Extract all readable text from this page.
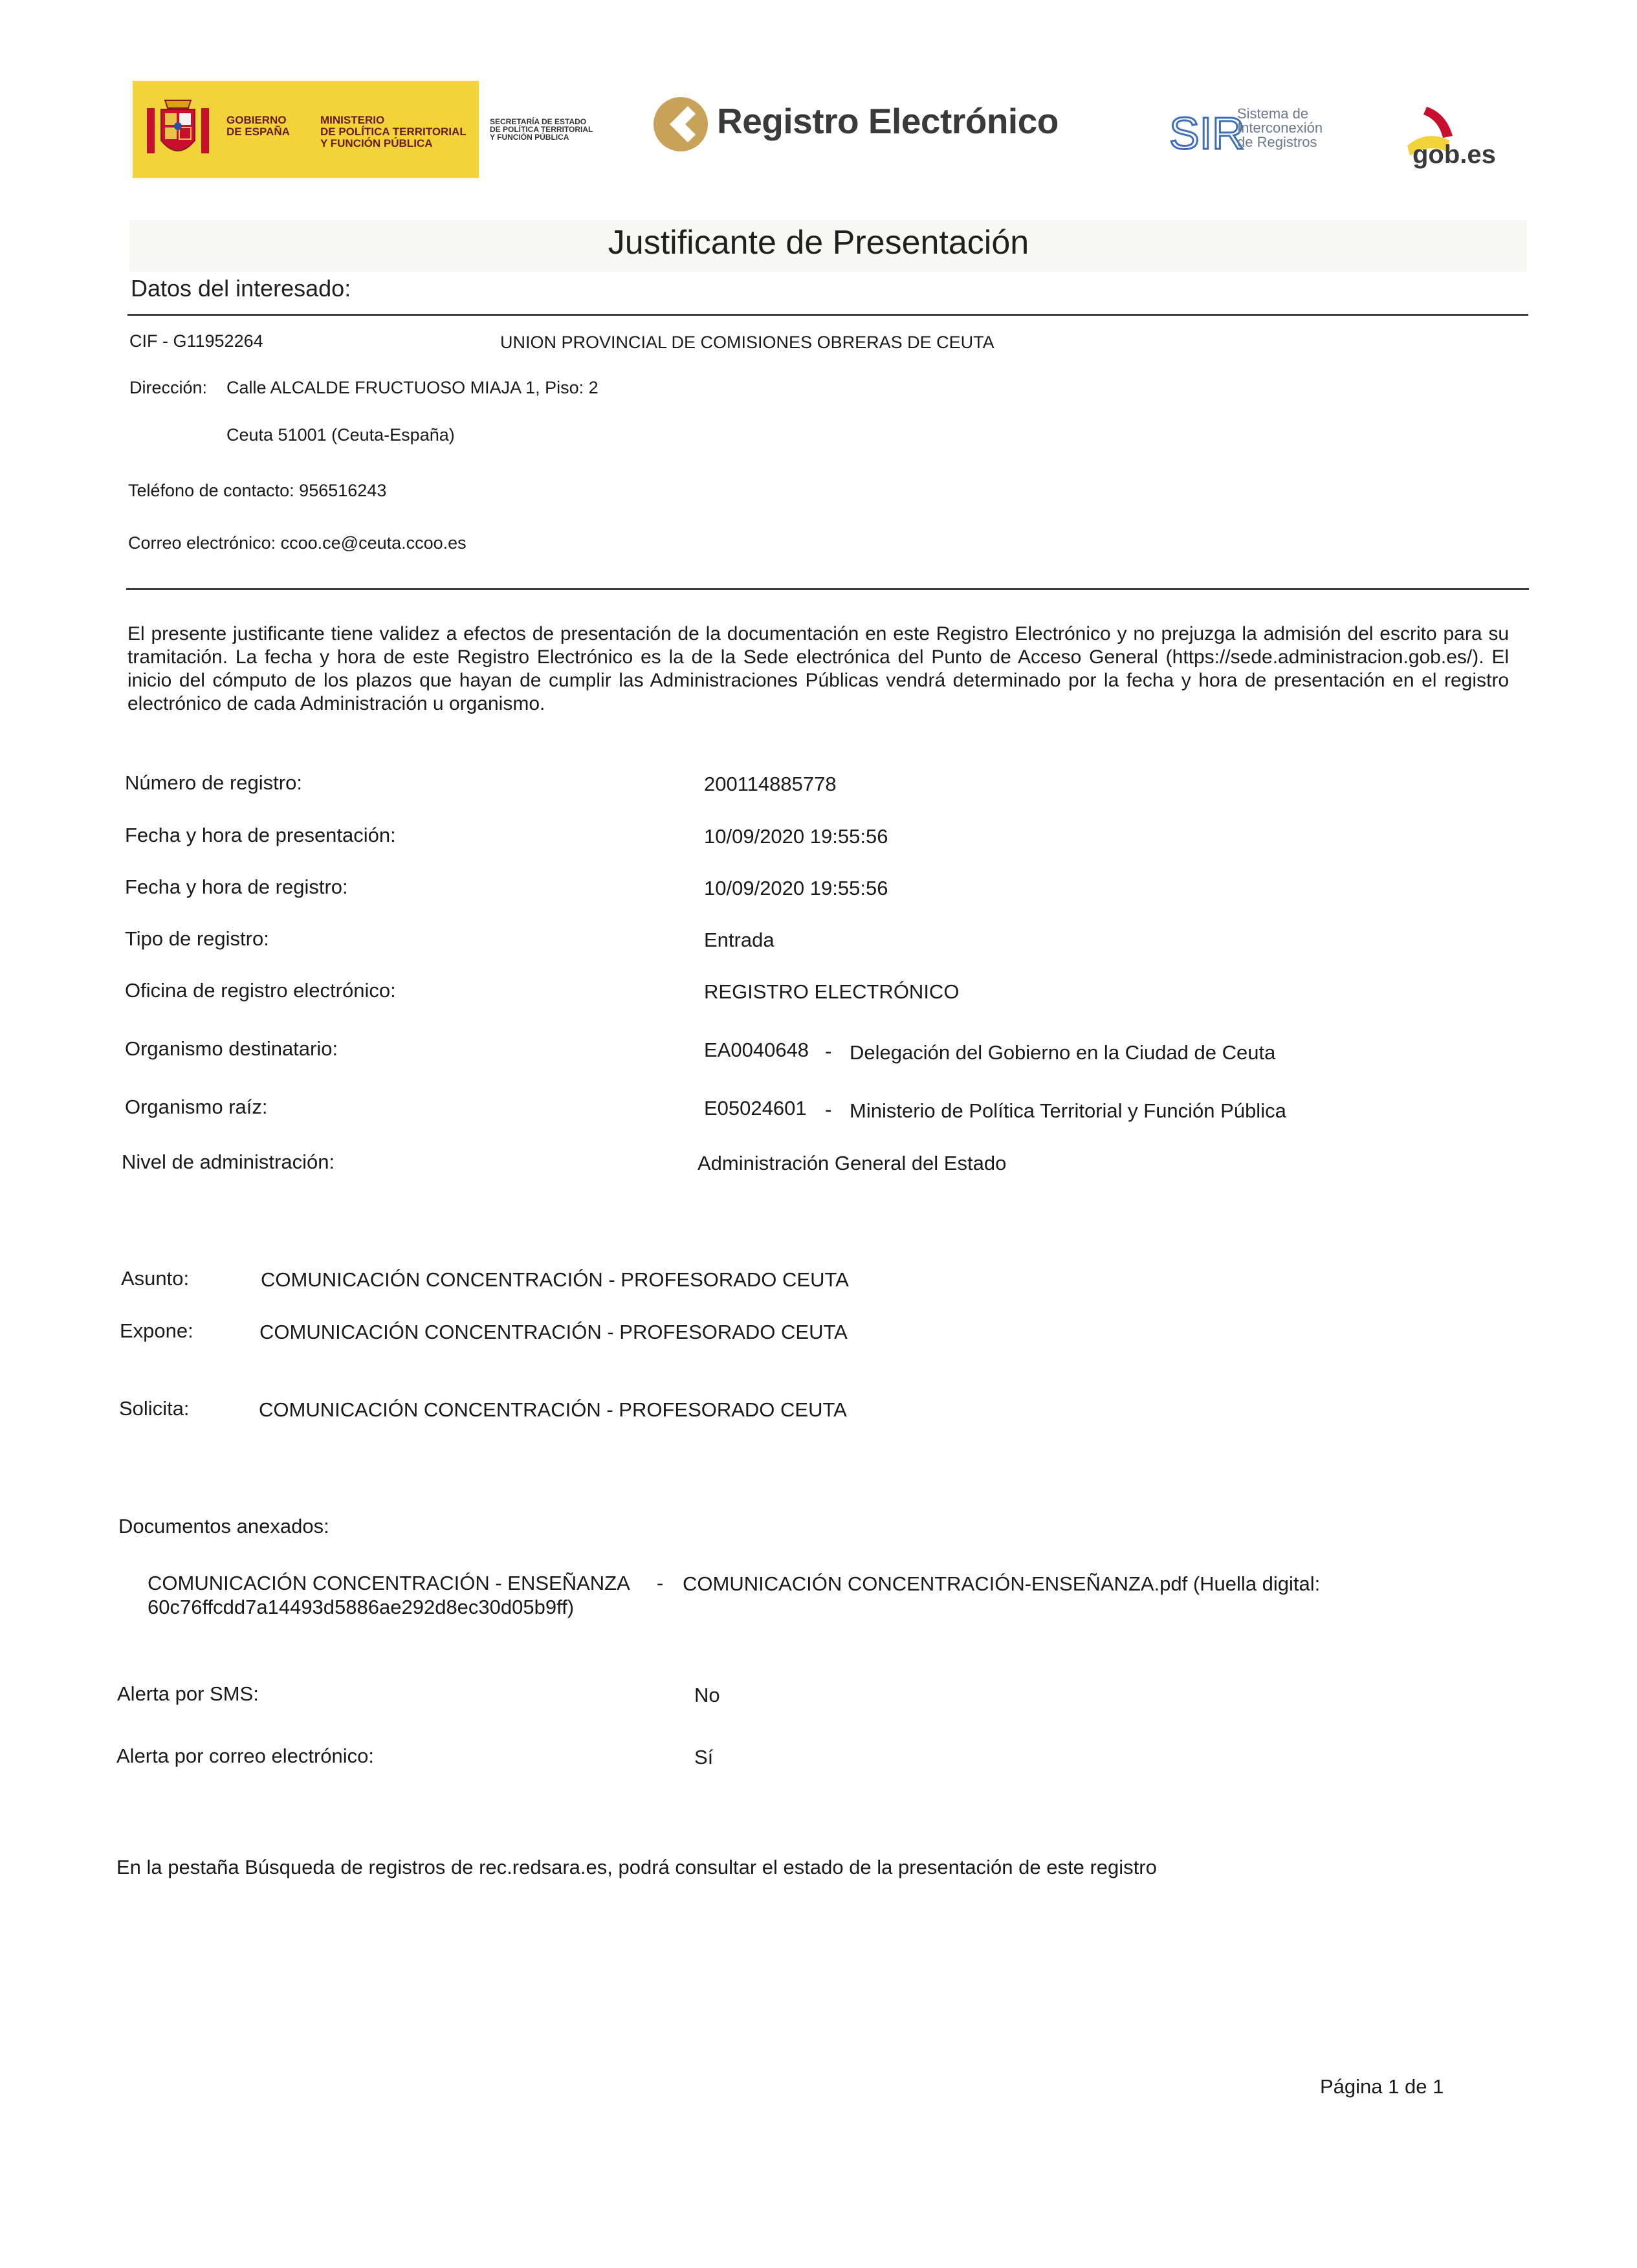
GOBIERNO
DE ESPAÑA
MINISTERIO
DE POLÍTICA TERRITORIAL
Y FUNCIÓN PÚBLICA
SECRETARÍA DE ESTADO
DE POLÍTICA TERRITORIAL
Y FUNCIÓN PÚBLICA	Registro Electrónico SIR
Sistema de
Interconexión
de Registros	gob.es
Justificante de Presentación
Datos del interesado:
CIF - G11952264	UNION PROVINCIAL DE COMISIONES OBRERAS DE CEUTA
Dirección: Calle ALCALDE FRUCTUOSO MIAJA 1, Piso: 2
Ceuta 51001 (Ceuta-España)
Teléfono de contacto: 956516243
Correo electrónico: ccoo.ce@ceuta.ccoo.es
El presente justificante tiene validez a efectos de presentación de la documentación en este Registro Electrónico y no prejuzga la admisión del escrito para su tramitación. La fecha y hora de este Registro Electrónico es la de la Sede electrónica del Punto de Acceso General (https://sede.administracion.gob.es/). El inicio del cómputo de los plazos que hayan de cumplir las Administraciones Públicas vendrá determinado por la fecha y hora de presentación en el registro electrónico de cada Administración u organismo.
Número de registro:	200114885778
Fecha y hora de presentación:	10/09/2020 19:55:56
Fecha y hora de registro:	10/09/2020 19:55:56
Tipo de registro:	Entrada
Oficina de registro electrónico:	REGISTRO ELECTRÓNICO
Organismo destinatario:	EA0040648 - Delegación del Gobierno en la Ciudad de Ceuta
Organismo raíz:	E05024601 - Ministerio de Política Territorial y Función Pública
Nivel de administración:	Administración General del Estado
Asunto:	COMUNICACIÓN CONCENTRACIÓN - PROFESORADO CEUTA
Expone:	COMUNICACIÓN CONCENTRACIÓN - PROFESORADO CEUTA
Solicita:	COMUNICACIÓN CONCENTRACIÓN - PROFESORADO CEUTA
Documentos anexados:
COMUNICACIÓN CONCENTRACIÓN - ENSEÑANZA - COMUNICACIÓN CONCENTRACIÓN-ENSEÑANZA.pdf (Huella digital:
60c76ffcdd7a14493d5886ae292d8ec30d05b9ff)
Alerta por SMS:	No
Alerta por correo electrónico:	Sí
En la pestaña Búsqueda de registros de rec.redsara.es, podrá consultar el estado de la presentación de este registro
Página 1 de 1
